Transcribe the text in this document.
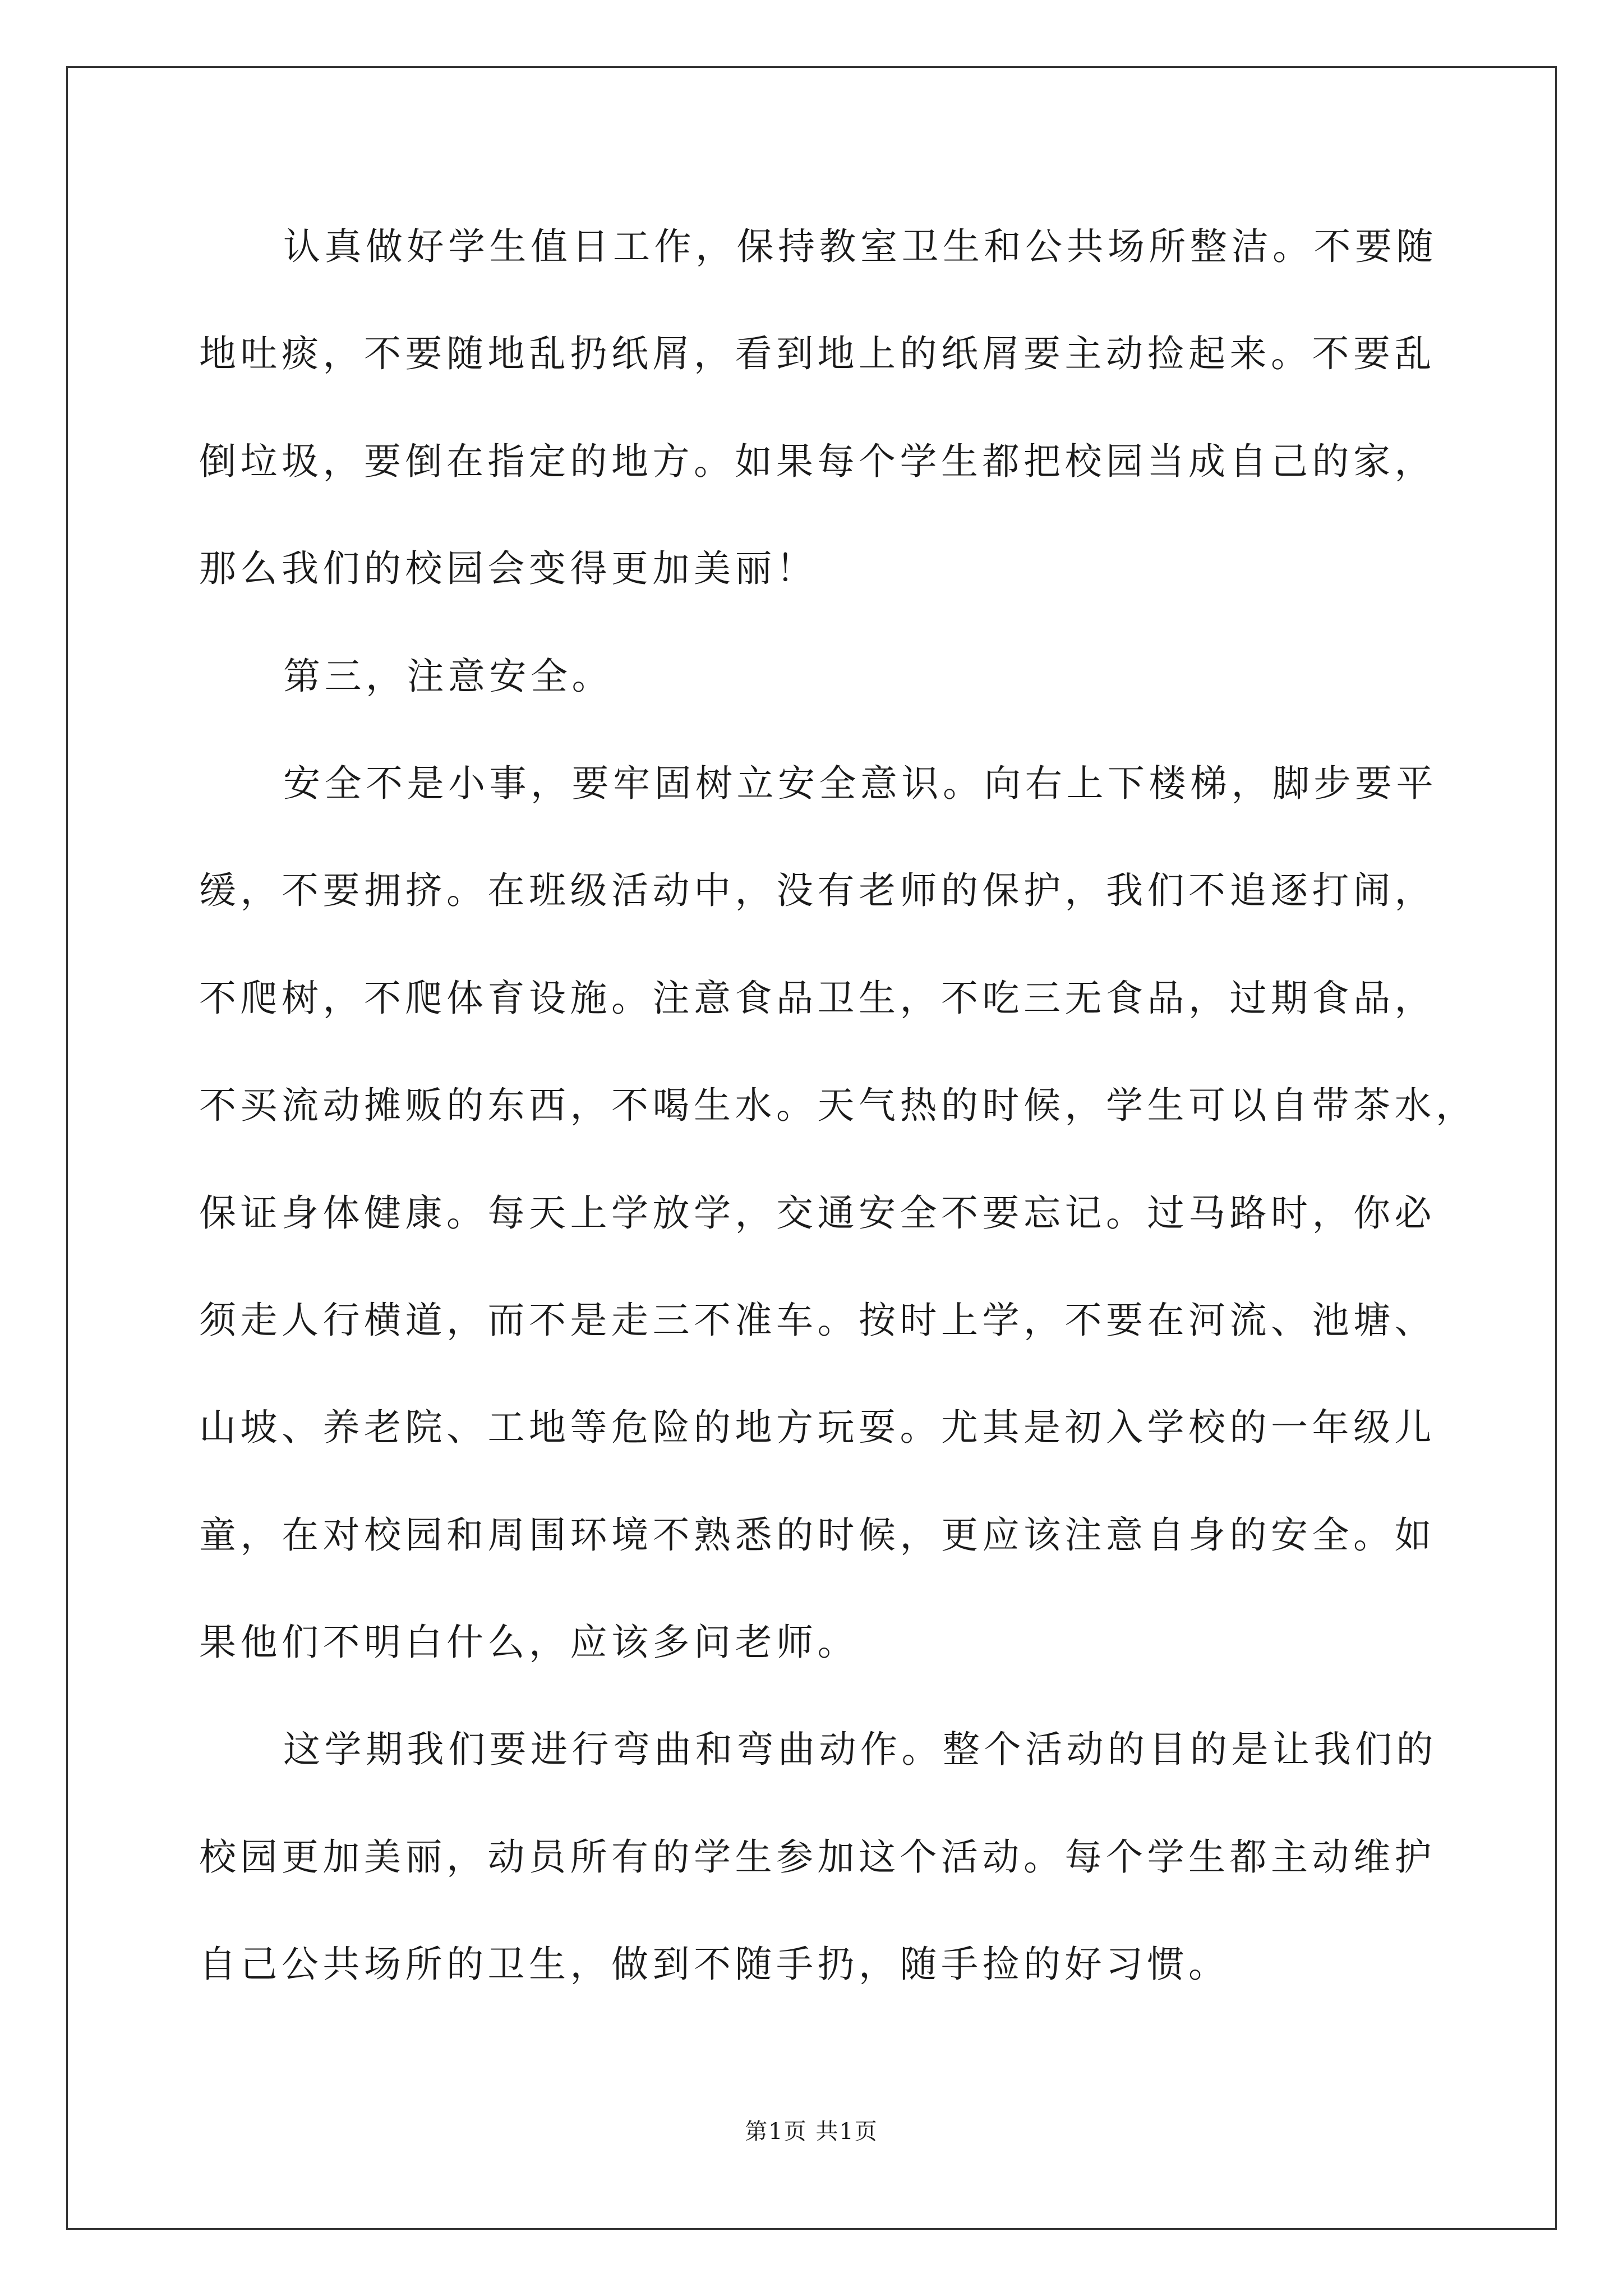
认真做好学生值日工作，保持教室卫生和公共场所整洁。不要随
地吐痰，不要随地乱扔纸屑，看到地上的纸屑要主动捡起来。不要乱
倒垃圾，要倒在指定的地方。如果每个学生都把校园当成自己的家，
那么我们的校园会变得更加美丽！
第三，注意安全。
安全不是小事，要牢固树立安全意识。向右上下楼梯，脚步要平
缓，不要拥挤。在班级活动中，没有老师的保护，我们不追逐打闹，
不爬树，不爬体育设施。注意食品卫生，不吃三无食品，过期食品，
不买流动摊贩的东西，不喝生水。天气热的时候，学生可以自带茶水，
保证身体健康。每天上学放学，交通安全不要忘记。过马路时，你必
须走人行横道，而不是走三不准车。按时上学，不要在河流、池塘、
山坡、养老院、工地等危险的地方玩耍。尤其是初入学校的一年级儿
童，在对校园和周围环境不熟悉的时候，更应该注意自身的安全。如
果他们不明白什么，应该多问老师。
这学期我们要进行弯曲和弯曲动作。整个活动的目的是让我们的
校园更加美丽，动员所有的学生参加这个活动。每个学生都主动维护
自己公共场所的卫生，做到不随手扔，随手捡的好习惯。
第1页 共1页
